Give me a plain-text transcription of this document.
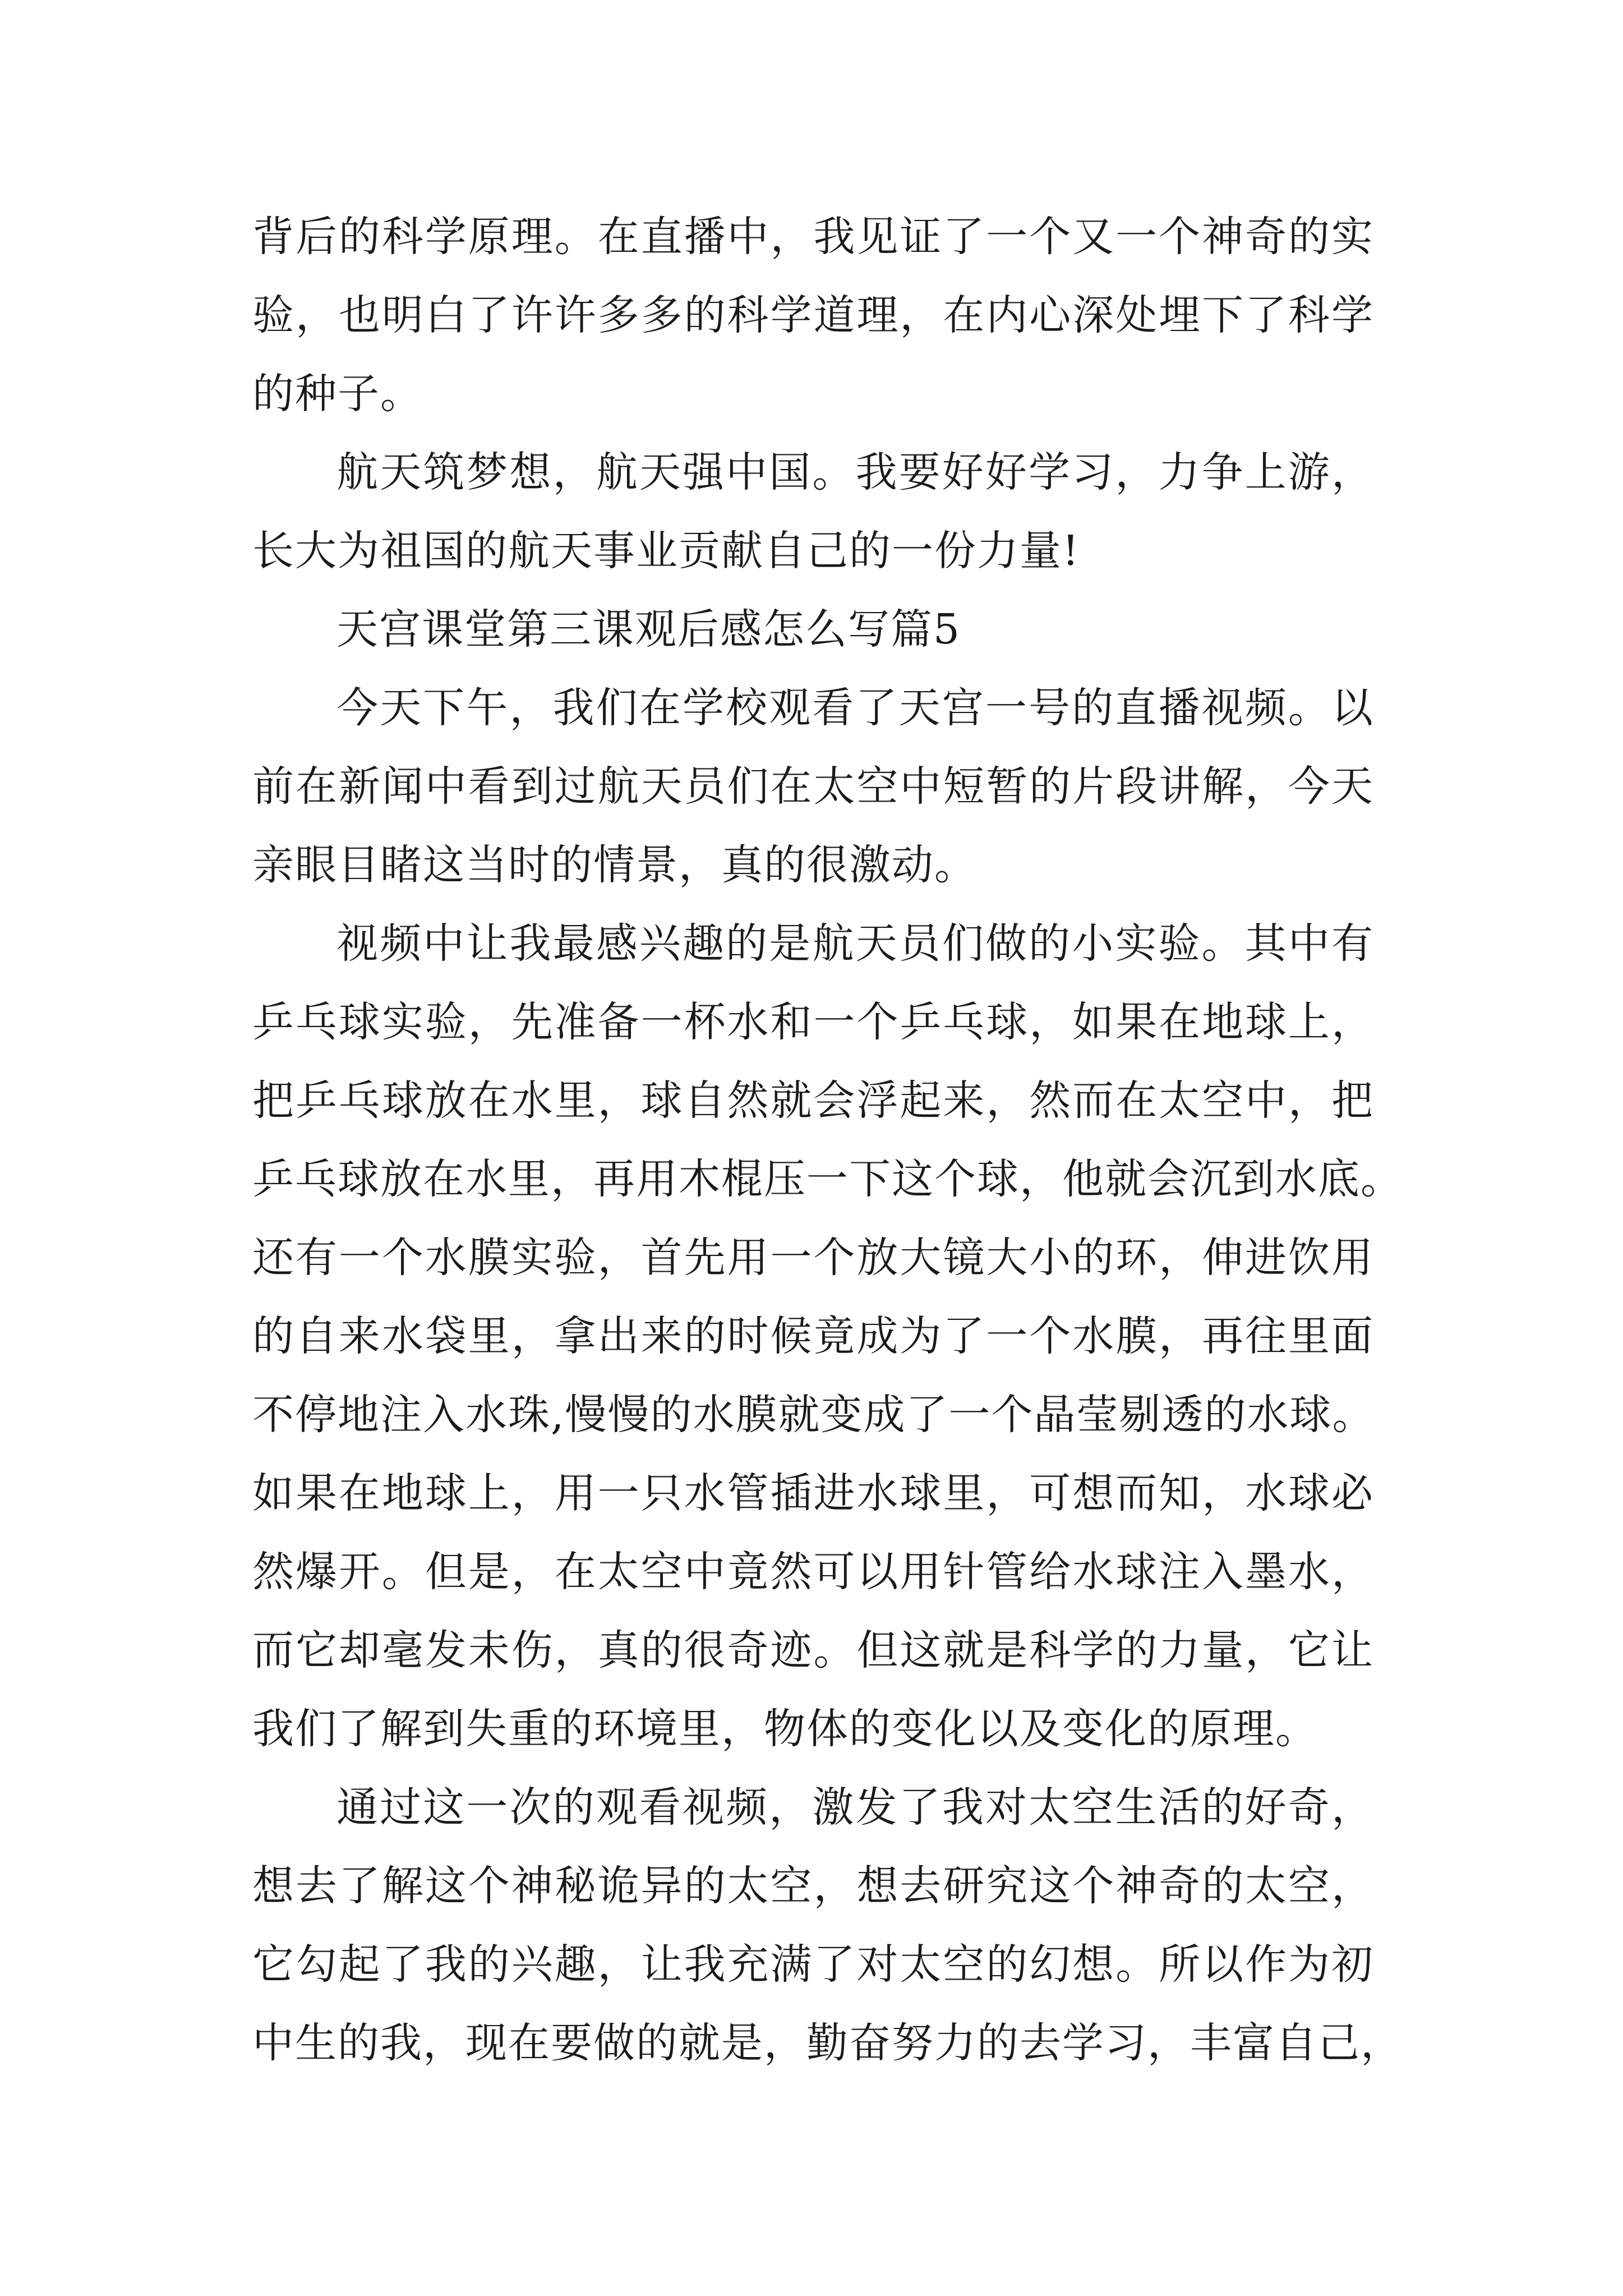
背后的科学原理。在直播中，我见证了一个又一个神奇的实
验，也明白了许许多多的科学道理，在内心深处埋下了科学
的种子。
航天筑梦想，航天强中国。我要好好学习，力争上游，
长大为祖国的航天事业贡献自己的一份力量!
天宫课堂第三课观后感怎么写篇5
今天下午，我们在学校观看了天宫一号的直播视频。以
前在新闻中看到过航天员们在太空中短暂的片段讲解，今天
亲眼目睹这当时的情景，真的很激动。
视频中让我最感兴趣的是航天员们做的小实验。其中有
乒乓球实验，先准备一杯水和一个乒乓球，如果在地球上，
把乒乓球放在水里，球自然就会浮起来，然而在太空中，把
乒乓球放在水里，再用木棍压一下这个球，他就会沉到水底。
还有一个水膜实验，首先用一个放大镜大小的环，伸进饮用
的自来水袋里，拿出来的时候竟成为了一个水膜，再往里面
不停地注入水珠,慢慢的水膜就变成了一个晶莹剔透的水球。
如果在地球上，用一只水管插进水球里，可想而知，水球必
然爆开。但是，在太空中竟然可以用针管给水球注入墨水，
而它却毫发未伤，真的很奇迹。但这就是科学的力量，它让
我们了解到失重的环境里，物体的变化以及变化的原理。
通过这一次的观看视频，激发了我对太空生活的好奇，
想去了解这个神秘诡异的太空，想去研究这个神奇的太空，
它勾起了我的兴趣，让我充满了对太空的幻想。所以作为初
中生的我，现在要做的就是，勤奋努力的去学习，丰富自己，
